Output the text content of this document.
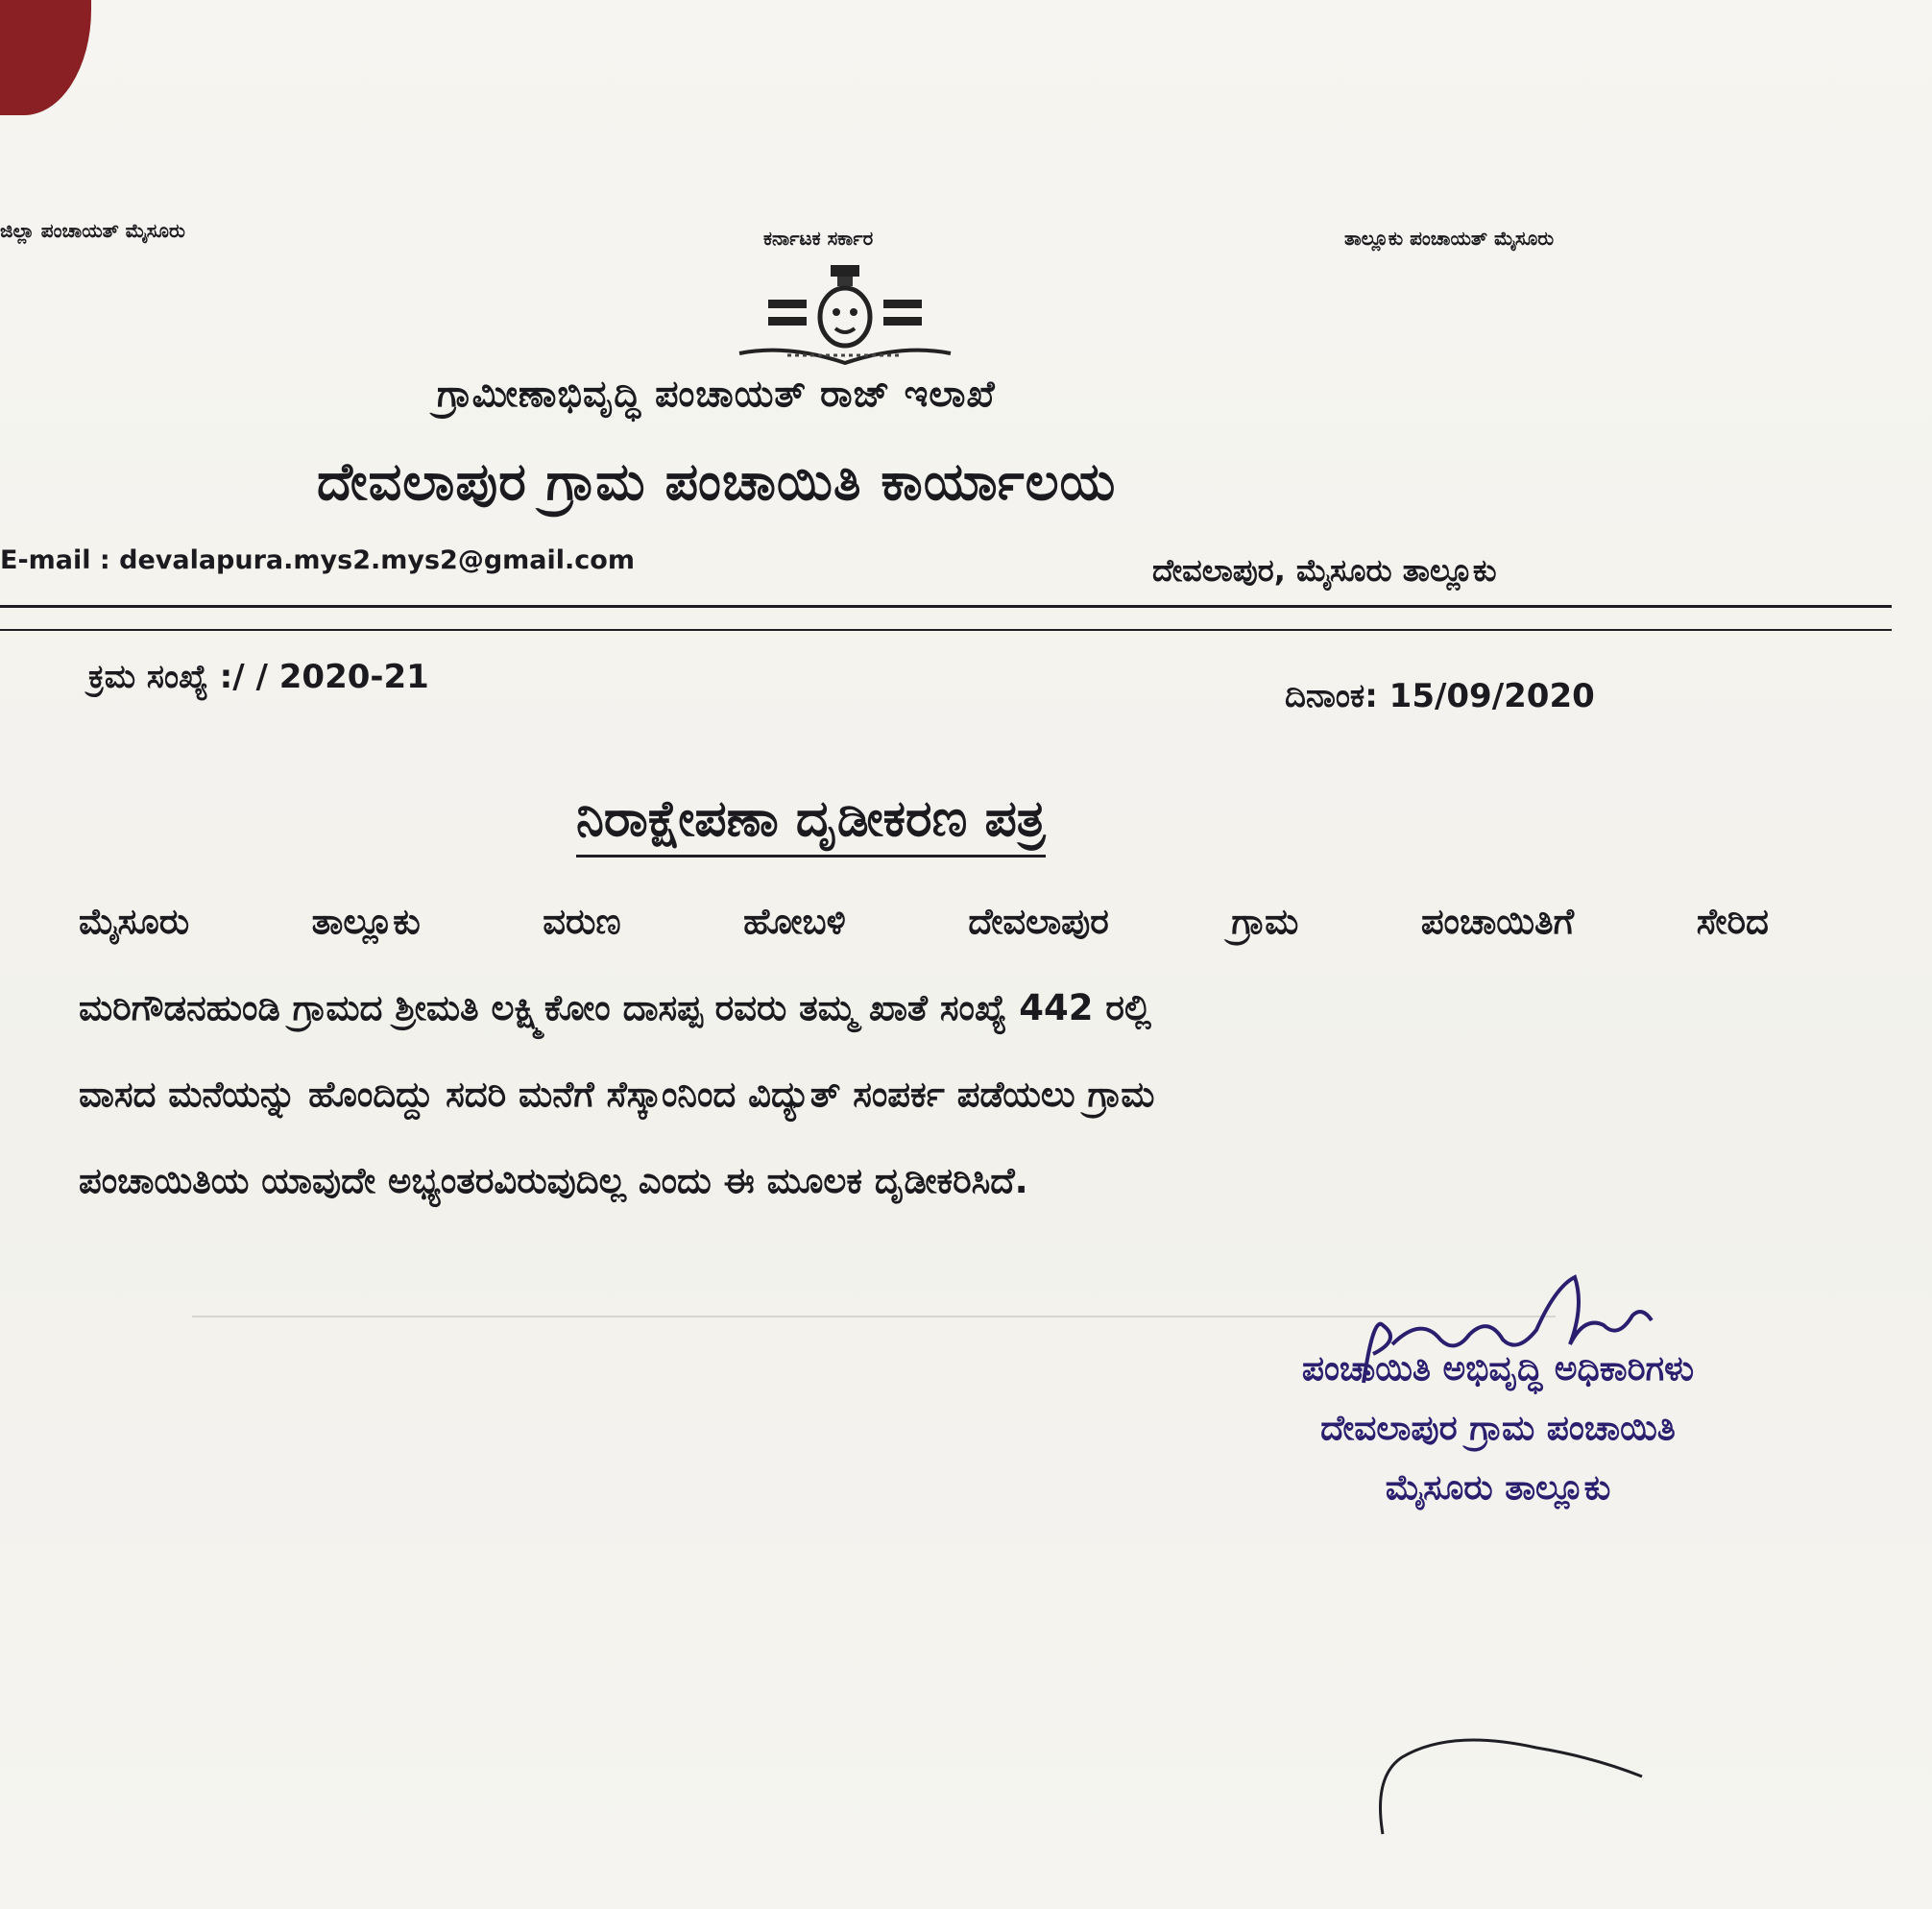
ಜಿಲ್ಲಾ ಪಂಚಾಯತ್ ಮೈಸೂರು	ಕರ್ನಾಟಕ ಸರ್ಕಾರ	ತಾಲ್ಲೂಕು ಪಂಚಾಯತ್ ಮೈಸೂರು
ಗ್ರಾಮೀಣಾಭಿವೃದ್ಧಿ ಪಂಚಾಯತ್ ರಾಜ್ ಇಲಾಖೆ
ದೇವಲಾಪುರ ಗ್ರಾಮ ಪಂಚಾಯಿತಿ ಕಾರ್ಯಾಲಯ
E-mail : devalapura.mys2.mys2@gmail.com	ದೇವಲಾಪುರ, ಮೈಸೂರು ತಾಲ್ಲೂಕು
ಕ್ರಮ ಸಂಖ್ಯೆ :/ / 2020-21	ದಿನಾಂಕ: 15/09/2020
ನಿರಾಕ್ಷೇಪಣಾ ದೃಡೀಕರಣ ಪತ್ರ
ಮೈಸೂರು	ತಾಲ್ಲೂಕು	ವರುಣ	ಹೋಬಳಿ	ದೇವಲಾಪುರ	ಗ್ರಾಮ	ಪಂಚಾಯಿತಿಗೆ	ಸೇರಿದ
ಮರಿಗೌಡನಹುಂಡಿ ಗ್ರಾಮದ ಶ್ರೀಮತಿ ಲಕ್ಷ್ಮಿಕೋಂ ದಾಸಪ್ಪ ರವರು ತಮ್ಮ ಖಾತೆ ಸಂಖ್ಯೆ 442 ರಲ್ಲಿ
ವಾಸದ ಮನೆಯನ್ನು ಹೊಂದಿದ್ದು ಸದರಿ ಮನೆಗೆ ಸೆಸ್ಕಾಂನಿಂದ ವಿದ್ಯುತ್ ಸಂಪರ್ಕ ಪಡೆಯಲು ಗ್ರಾಮ
ಪಂಚಾಯಿತಿಯ ಯಾವುದೇ ಅಭ್ಯಂತರವಿರುವುದಿಲ್ಲ ಎಂದು ಈ ಮೂಲಕ ದೃಡೀಕರಿಸಿದೆ.
ಪಂಚಾಯಿತಿ ಅಭಿವೃದ್ಧಿ ಅಧಿಕಾರಿಗಳು
ದೇವಲಾಪುರ ಗ್ರಾಮ ಪಂಚಾಯಿತಿ
ಮೈಸೂರು ತಾಲ್ಲೂಕು
